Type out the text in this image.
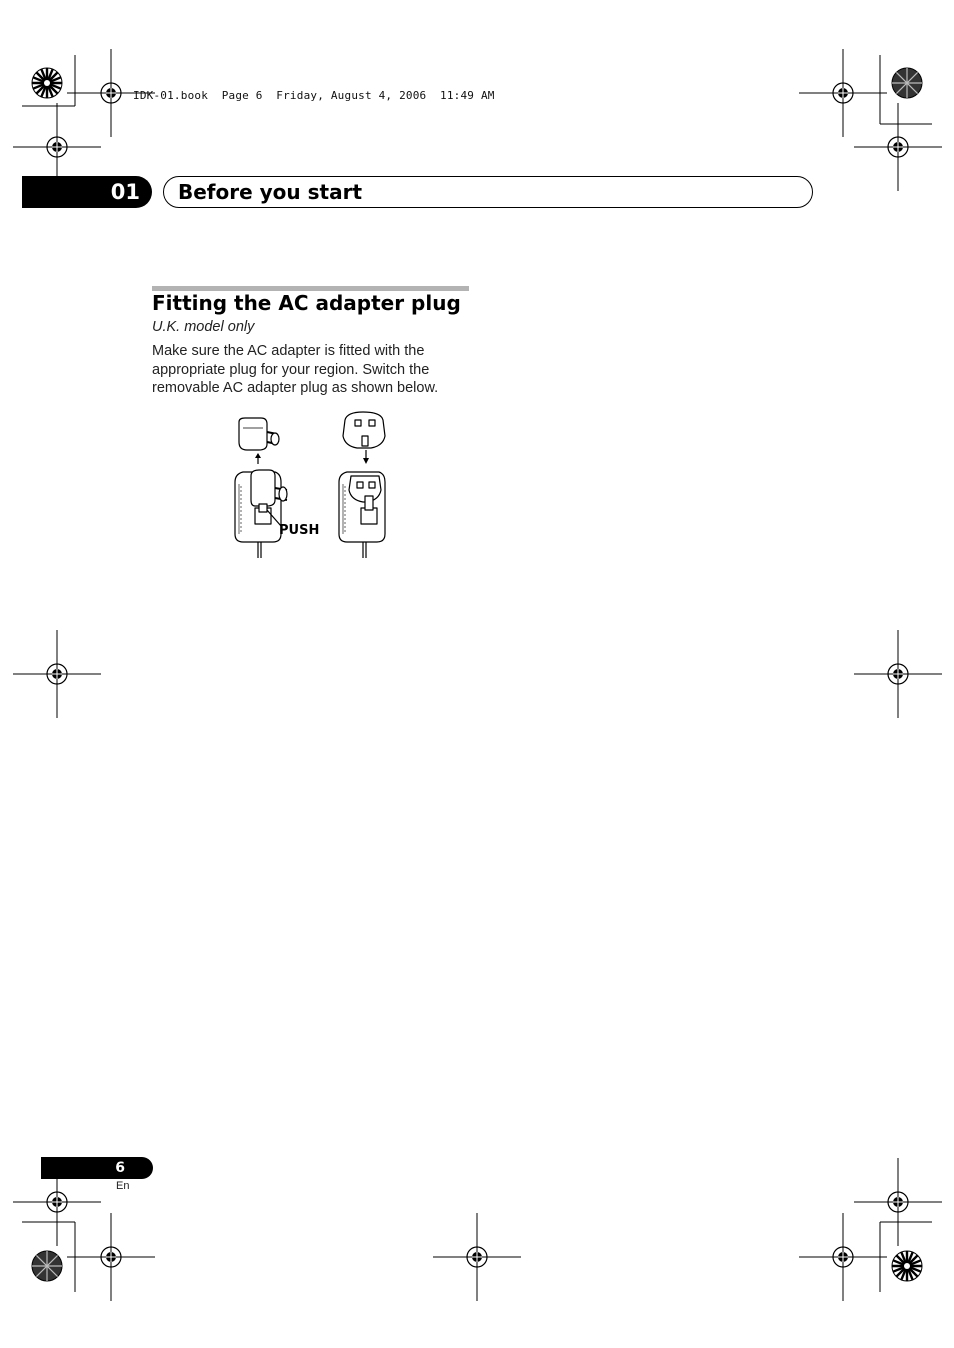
IDK-01.book  Page 6  Friday, August 4, 2006  11:49 AM
01 Before you start
Fitting the AC adapter plug
U.K. model only
Make sure the AC adapter is fitted with the appropriate plug for your region. Switch the removable AC adapter plug as shown below.
PUSH
6
En
